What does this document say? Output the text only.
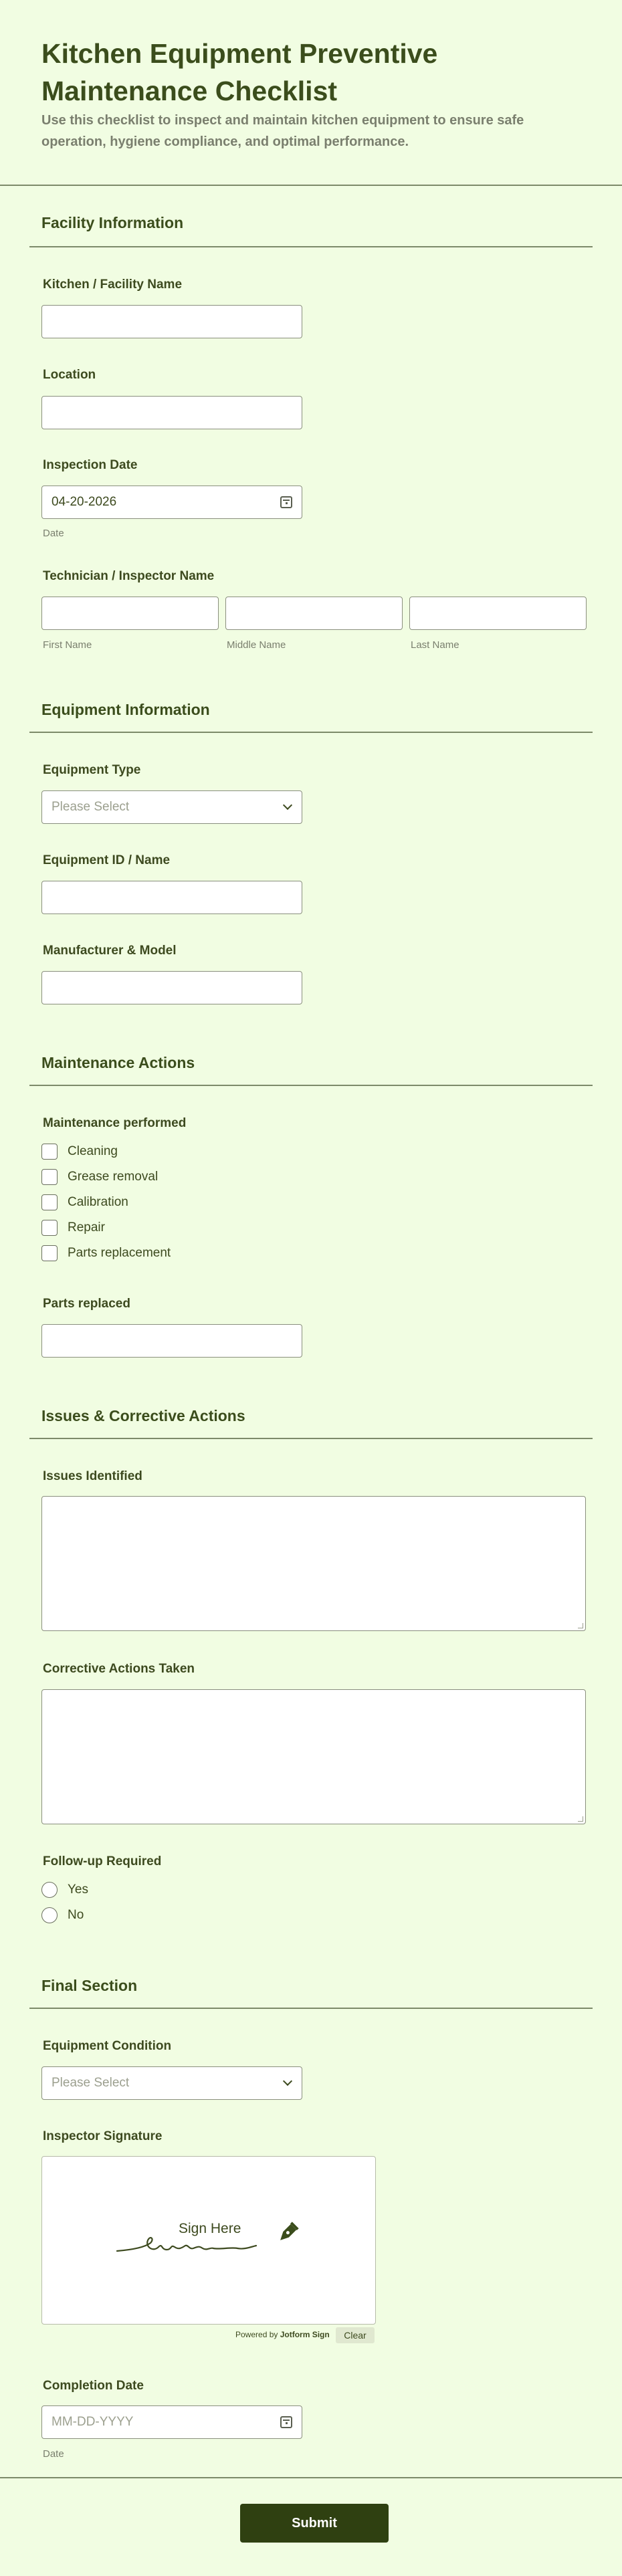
Kitchen Equipment Preventive Maintenance Checklist

Use this checklist to inspect and maintain kitchen equipment to ensure safe operation, hygiene compliance, and optimal performance.

Facility Information
Kitchen / Facility Name
Location
Inspection Date
04-20-2026
Date
Technician / Inspector Name
First Name	Middle Name	Last Name
Equipment Information
Equipment Type
Please Select
Equipment ID / Name
Manufacturer & Model
Maintenance Actions
Maintenance performed
Cleaning
Grease removal
Calibration
Repair
Parts replacement
Parts replaced
Issues & Corrective Actions
Issues Identified
Corrective Actions Taken
Follow-up Required
Yes
No
Final Section
Equipment Condition
Please Select
Inspector Signature
Sign Here
Powered by Jotform Sign	Clear
Completion Date
MM-DD-YYYY
Date
Submit
